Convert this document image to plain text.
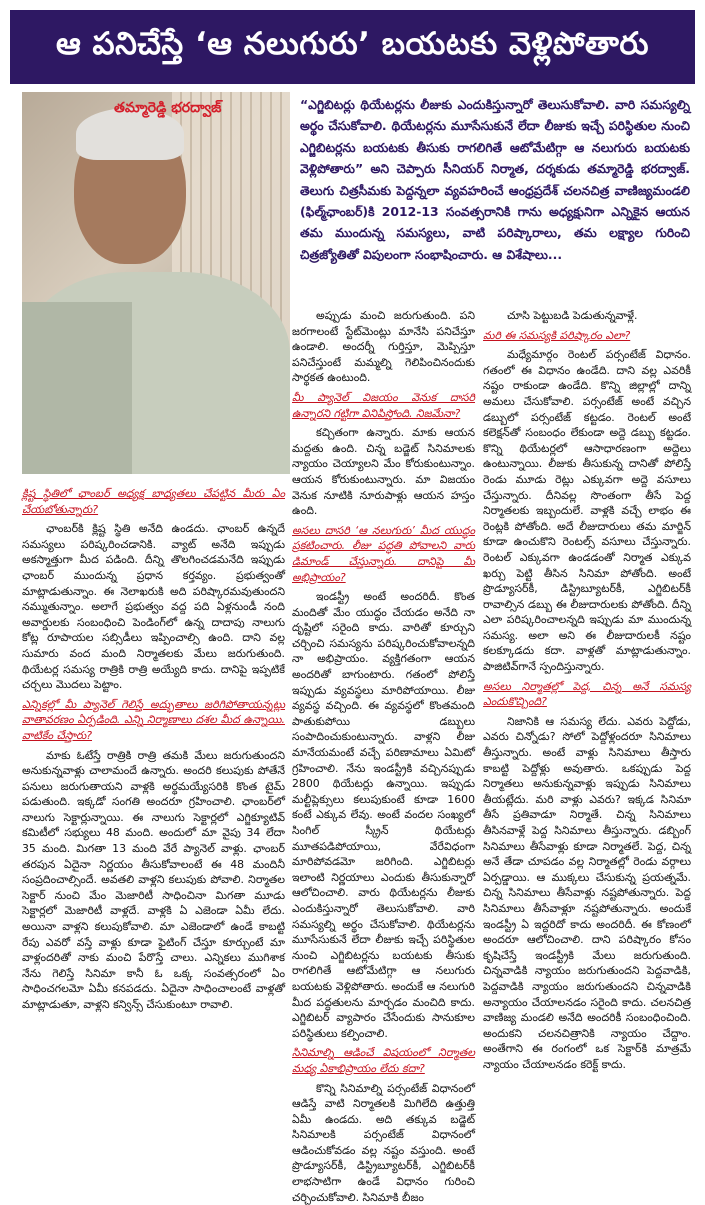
ఆ పనిచేస్తే ‘ఆ నలుగురు’ బయటకు వెళ్లిపోతారు
తమ్మారెడ్డి భరద్వాజ్	“ఎగ్జిబిటర్లు థియేటర్లను లీజుకు ఎందుకిస్తున్నారో తెలుసుకోవాలి. వారి సమస్యల్ని అర్థం చేసుకోవాలి. థియేటర్లను మూసేసుకునే లేదా లీజుకు ఇచ్చే పరిస్థితుల నుంచి ఎగ్జిబిటర్లను బయటకు తీసుకు రాగలిగితే ఆటోమేటిగ్గా ఆ నలుగురు బయటకు వెళ్లిపోతారు” అని చెప్పారు సీనియర్ నిర్మాత, దర్శకుడు తమ్మారెడ్డి భరద్వాజ్. తెలుగు చిత్రసీమకు పెద్దన్నలా వ్యవహరించే ఆంధ్రప్రదేశ్ చలనచిత్ర వాణిజ్యమండలి (ఫిల్మ్‌ఛాంబర్)కి 2012-13 సంవత్సరానికి గాను అధ్యక్షునిగా ఎన్నికైన ఆయన తమ ముందున్న సమస్యలు, వాటి పరిష్కారాలు, తమ లక్ష్యాల గురించి చిత్రజ్యోతితో విపులంగా సంభాషించారు. ఆ విశేషాలు...
క్లిష్ట స్థితిలో ఛాంబర్ అధ్యక్ష బాధ్యతలు చేపట్టిన మీరు ఏం చేయబోతున్నారు?

ఛాంబర్‌కి క్లిష్ట స్థితి అనేది ఉండదు. ఛాంబర్ ఉన్నదే సమస్యలు పరిష్కరించడానికి. వ్యాట్ అనేది ఇప్పుడు అకస్మాత్తుగా మీద పడింది. దీన్ని తొలగించడమనేది ఇప్పుడు ఛాంబర్ ముందున్న ప్రధాన కర్తవ్యం. ప్రభుత్వంతో మాట్లాడుతున్నాం. ఈ నెలాఖరుకి అది పరిష్కారమవుతుందని నమ్ముతున్నాం. అలాగే ప్రభుత్వం వద్ద పది ఏళ్లనుండీ నంది అవార్డులకు సంబంధించి పెండింగ్‌లో ఉన్న దాదాపు నాలుగు కోట్ల రూపాయల సబ్సిడీలు ఇప్పించాల్సి ఉంది. దాని వల్ల సుమారు వంద మంది నిర్మాతలకు మేలు జరుగుతుంది. థియేటర్ల సమస్య రాత్రికి రాత్రి అయ్యేది కాదు. దానిపై ఇప్పటికే చర్చలు మొదలు పెట్టాం.

ఎన్నికల్లో మీ ప్యానెల్ గెలిస్తే అద్భుతాలు జరిగిపోతాయన్నట్లు వాతావరణం ఏర్పడింది. ఎన్ని నిర్మాణాలు దశల మీద ఉన్నాయి. వాటికేం చేస్తారు?

మాకు ఓటేస్తే రాత్రికి రాత్రి తమకి మేలు జరుగుతుందని అనుకున్నవాళ్లు చాలామందే ఉన్నారు. అందరి కలుపుకు పోతేనే పనులు జరుగుతాయని వాళ్లకి అర్థమయ్యేసరికి కొంత టైమ్ పడుతుంది. ఇక్కడో సంగతి అందరూ గ్రహించాలి. ఛాంబర్‌లో నాలుగు సెక్టార్లున్నాయి. ఈ నాలుగు సెక్టార్లలో ఎగ్జిక్యూటివ్ కమిటీలో సభ్యులు 48 మంది. అందులో మా వైపు 34 లేదా 35 మంది. మిగతా 13 మంది వేరే ప్యానెల్ వాళ్లు. ఛాంబర్ తరపున ఏదైనా నిర్ణయం తీసుకోవాలంటే ఈ 48 మందినీ సంప్రదించాల్సిందే. అవతలి వాళ్లని కలుపుకు పోవాలి. నిర్మాతల సెక్టార్ నుంచి మేం మెజారిటీ సాధించినా మిగతా మూడు సెక్టార్లలో మెజారిటీ వాళ్లదే. వాళ్లకి ఏ ఎజెండా ఏమీ లేదు. అయినా వాళ్లని కలుపుకోవాలి. మా ఎజెండాలో ఉండే కాబట్టి రేపు ఎవరో వస్తే వాళ్లు కూడా ఫైటింగ్ చేస్తూ కూర్చుంటే మా వాళ్లందరితో నాకు మంచి పేరొస్తే చాలు. ఎన్నికలు ముగిశాక నేను గెలిస్తే సినిమా కానీ ఓ ఒక్క సంవత్సరంలో ఏం సాధించగలమో ఏమీ కనపడదు. ఏదైనా సాధించాలంటే వాళ్లతో మాట్లాడుతూ, వాళ్లని కన్విన్స్ చేసుకుంటూ రావాలి.

అప్పుడు మంచి జరుగుతుంది. పని జరగాలంటే స్టేట్‌మెంట్లు మానేసి పనిచేస్తూ ఉండాలి. అందర్నీ గుర్తిస్తూ, మెప్పిస్తూ పనిచేస్తుంటే మమ్మల్ని గెలిపించినందుకు సార్థకత ఉంటుంది.

మీ ప్యానెల్ విజయం వెనుక దాసరి ఉన్నారని గట్టిగా వినిపిస్తోంది. నిజమేనా?

కచ్చితంగా ఉన్నారు. మాకు ఆయన మద్దతు ఉంది. చిన్న బడ్జెట్ సినిమాలకు న్యాయం చెయ్యాలని మేం కోరుకుంటున్నాం. ఆయన కోరుకుంటున్నారు. మా విజయం వెనుక నూటికి నూరుపాళ్లు ఆయన హస్తం ఉంది.

అసలు దాసరి ‘ఆ నలుగురు’ మీద యుద్ధం ప్రకటించారు. లీజు పద్ధతి పోవాలని వారు డిమాండ్ చేస్తున్నారు. దానిపై మీ అభిప్రాయం?

ఇండస్ట్రీ అంటే అందరిదీ. కొంత మందితో మేం యుద్ధం చేయడం అనేది నా దృష్టిలో సరైంది కాదు. వారితో కూర్చుని చర్చించి సమస్యను పరిష్కరించుకోవాలన్నది నా అభిప్రాయం. వ్యక్తిగతంగా ఆయన అందరితో బాగుంటారు. గతంలో పోలిస్తే ఇప్పుడు వ్యవస్థలు మారిపోయాయి. లీజు వ్యవస్థ వచ్చింది. ఈ వ్యవస్థలో కొంతమంది పాతుకుపోయి డబ్బులు సంపాదించుకుంటున్నారు. వాళ్లని లీజు మానేయమంటే వచ్చే పరిణామాలు ఏమిటో గ్రహించాలి. నేను ఇండస్ట్రీకి వచ్చినప్పుడు 2800 థియేటర్లు ఉన్నాయి. ఇప్పుడు మల్టీప్లెక్సులు కలుపుకుంటే కూడా 1600 కంటే ఎక్కువ లేవు. అంటే వందల సంఖ్యలో సింగిల్ స్క్రీన్ థియేటర్లు మూతపడిపోయాయి, వేరేవిధంగా మారిపోవడమో జరిగింది. ఎగ్జిబిటర్లు ఇలాంటి నిర్ణయాలు ఎందుకు తీసుకున్నారో ఆలోచించాలి. వారు థియేటర్లను లీజుకు ఎందుకిస్తున్నారో తెలుసుకోవాలి. వారి సమస్యల్ని అర్థం చేసుకోవాలి. థియేటర్లను మూసేసుకునే లేదా లీజుకు ఇచ్చే పరిస్థితుల నుంచి ఎగ్జిబిటర్లను బయటకు తీసుకు రాగలిగితే ఆటోమేటిగ్గా ఆ నలుగురు బయటకు వెళ్లిపోతారు. అందుకే ఆ నలుగురి మీద పద్ధతులను మార్చడం మంచిది కాదు. ఎగ్జిబిటర్ వ్యాపారం చేసేందుకు సానుకూల పరిస్థితులు కల్పించాలి.

సినిమాల్ని ఆడించే విషయంలో నిర్మాతల మధ్య ఏకాభిప్రాయం లేదు కదా?

కొన్ని సినిమాల్ని పర్సంటేజ్ విధానంలో ఆడిస్తే వాటి నిర్మాతలకి మిగిలేది ఉత్తుత్తి ఏమీ ఉండదు. అది తక్కువ బడ్జెట్ సినిమాలకి పర్సంటేజ్ విధానంలో ఆడించుకోవడం వల్ల నష్టం వస్తుంది. అంటే ప్రొడ్యూసర్‌కీ, డిస్ట్రిబ్యూటర్‌కీ, ఎగ్జిబిటర్‌కీ లాభసాటిగా ఉండే విధానం గురించి చర్చించుకోవాలి. సినిమాకి బీజం

చూసి పెట్టుబడి పెడుతున్నవాళ్లే.

మరి ఈ సమస్యకి పరిష్కారం ఎలా?

మధ్యేమార్గం రెంటల్ పర్సంటేజ్ విధానం. గతంలో ఈ విధానం ఉండేది. దాని వల్ల ఎవరికీ నష్టం రాకుండా ఉండేది. కొన్ని జిల్లాల్లో దాన్ని అమలు చేసుకోవాలి. పర్సంటేజ్ అంటే వచ్చిన డబ్బులో పర్సంటేజ్ కట్టడం. రెంటల్ అంటే కలెక్షన్‌తో సంబంధం లేకుండా అద్దె డబ్బు కట్టడం. కొన్ని థియేటర్లలో ఆసాధారణంగా అద్దెలు ఉంటున్నాయి. లీజుకు తీసుకున్న దానితో పోలిస్తే రెండు మూడు రెట్లు ఎక్కువగా అద్దె వసూలు చేస్తున్నారు. దీనివల్ల సొంతంగా తీసే పెద్ద నిర్మాతలకు ఇబ్బందులే. వాళ్లకి వచ్చే లాభం ఈ రెంట్లకి పోతోంది. అదే లీజుదారులు తమ మార్జిన్ కూడా ఉంచుకొని రెంటల్స్ వసూలు చేస్తున్నారు. రెంటల్ ఎక్కువగా ఉండడంతో నిర్మాత ఎక్కువ ఖర్చు పెట్టి తీసిన సినిమా పోతోంది. అంటే ప్రొడ్యూసర్‌కీ, డిస్ట్రిబ్యూటర్‌కీ, ఎగ్జిబిటర్‌కీ రావాల్సిన డబ్బు ఈ లీజుదారులకు పోతోంది. దీన్ని ఎలా పరిష్కరించాలన్నది ఇప్పుడు మా ముందున్న సమస్య. అలా అని ఈ లీజుదారులకీ నష్టం కలక్కూడదు కదా. వాళ్లతో మాట్లాడుతున్నాం. పాజిటివ్‌గానే స్పందిస్తున్నారు.

అసలు నిర్మాతల్లో పెద్ద, చిన్న అనే సమస్య ఎందుకొచ్చింది?

నిజానికి ఆ సమస్య లేదు. ఎవరు పెద్దోడు, ఎవరు చిన్నోడు? సోలో పెద్దోళ్లందరూ సినిమాలు తీస్తున్నారు. అంటే వాళ్లు సినిమాలు తీస్తారు కాబట్టి పెద్దోళ్లు అవుతారు. ఒకప్పుడు పెద్ద నిర్మాతలు అనుకున్నవాళ్లు ఇప్పుడు సినిమాలు తీయట్లేదు. మరి వాళ్లు ఎవరు? ఇక్కడ సినిమా తీసే ప్రతివాడూ నిర్మాతే. చిన్న సినిమాలు తీసినవాళ్లే పెద్ద సినిమాలు తీస్తున్నారు. డబ్బింగ్ సినిమాలు తీసేవాళ్లు కూడా నిర్మాతలే. పెద్ద, చిన్న అనే తేడా చూపడం వల్ల నిర్మాతల్లో రెండు వర్గాలు ఏర్పడ్డాయి. ఆ ముక్కలు చేసుకున్న ప్రయత్నమే. చిన్న సినిమాలు తీసేవాళ్లు నష్టపోతున్నారు. పెద్ద సినిమాలు తీసేవాళ్లూ నష్టపోతున్నారు. అందుకే ఇండస్ట్రీ ఏ ఇద్దరిదో కాదు అందరిదీ. ఈ కోణంలో అందరూ ఆలోచించాలి. దాని పరిష్కారం కోసం కృషిచేస్తే ఇండస్ట్రీకి మేలు జరుగుతుంది. చిన్నవాడికి న్యాయం జరుగుతుందని పెద్దవాడికి, పెద్దవాడికి న్యాయం జరుగుతుందని చిన్నవాడికి అన్యాయం చేయాలనడం సరైంది కాదు. చలనచిత్ర వాణిజ్య మండలి అనేది అందరికీ సంబంధించింది. అందుకని చలనచిత్రానికి న్యాయం చేద్దాం. అంతేగాని ఈ రంగంలో ఒక సెక్టార్‌కి మాత్రమే న్యాయం చేయాలనడం కరెక్ట్ కాదు.
